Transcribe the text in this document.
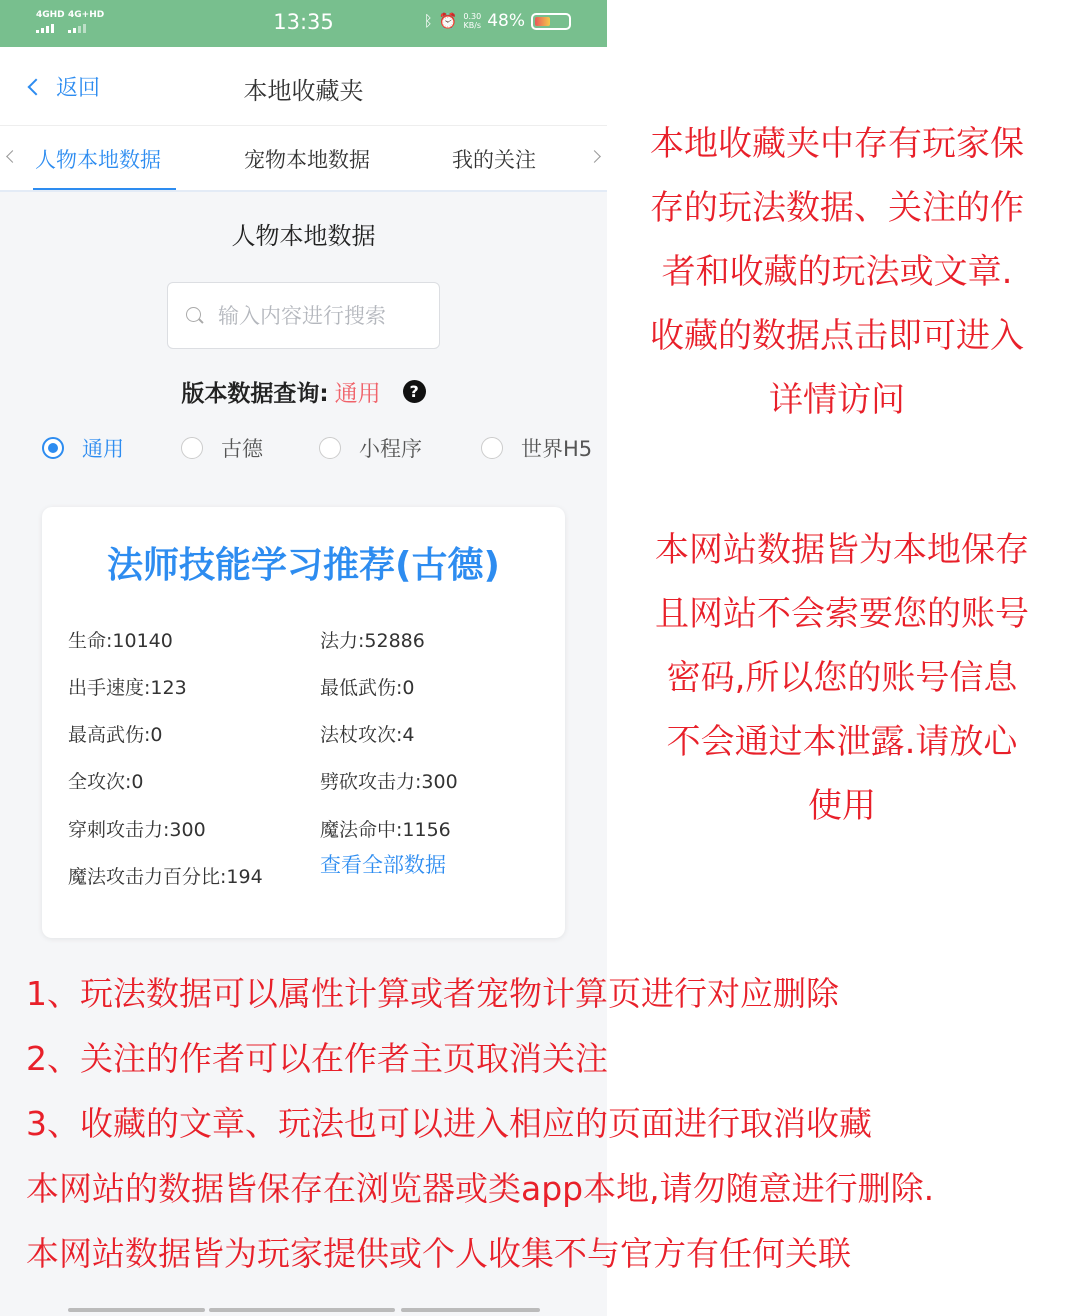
4GHD 4G+HD	13:35	ᛒ ⏰ 0.30
KB/s 48%
返回	本地收藏夹
人物本地数据	宠物本地数据	我的关注
人物本地数据
输入内容进行搜索
版本数据查询: 通用	?
通用	古德	小程序	世界H5
法师技能学习推荐(古德)
生命:10140	法力:52886
出手速度:123	最低武伤:0
最高武伤:0	法杖攻次:4
全攻次:0	劈砍攻击力:300
穿刺攻击力:300	魔法命中:1156
魔法攻击力百分比:194	查看全部数据
本地收藏夹中存有玩家保
存的玩法数据、关注的作
者和收藏的玩法或文章.
收藏的数据点击即可进入
详情访问
本网站数据皆为本地保存
且网站不会索要您的账号
密码,所以您的账号信息
不会通过本泄露.请放心
使用
1、玩法数据可以属性计算或者宠物计算页进行对应删除
2、关注的作者可以在作者主页取消关注
3、收藏的文章、玩法也可以进入相应的页面进行取消收藏
本网站的数据皆保存在浏览器或类app本地,请勿随意进行删除.
本网站数据皆为玩家提供或个人收集不与官方有任何关联
